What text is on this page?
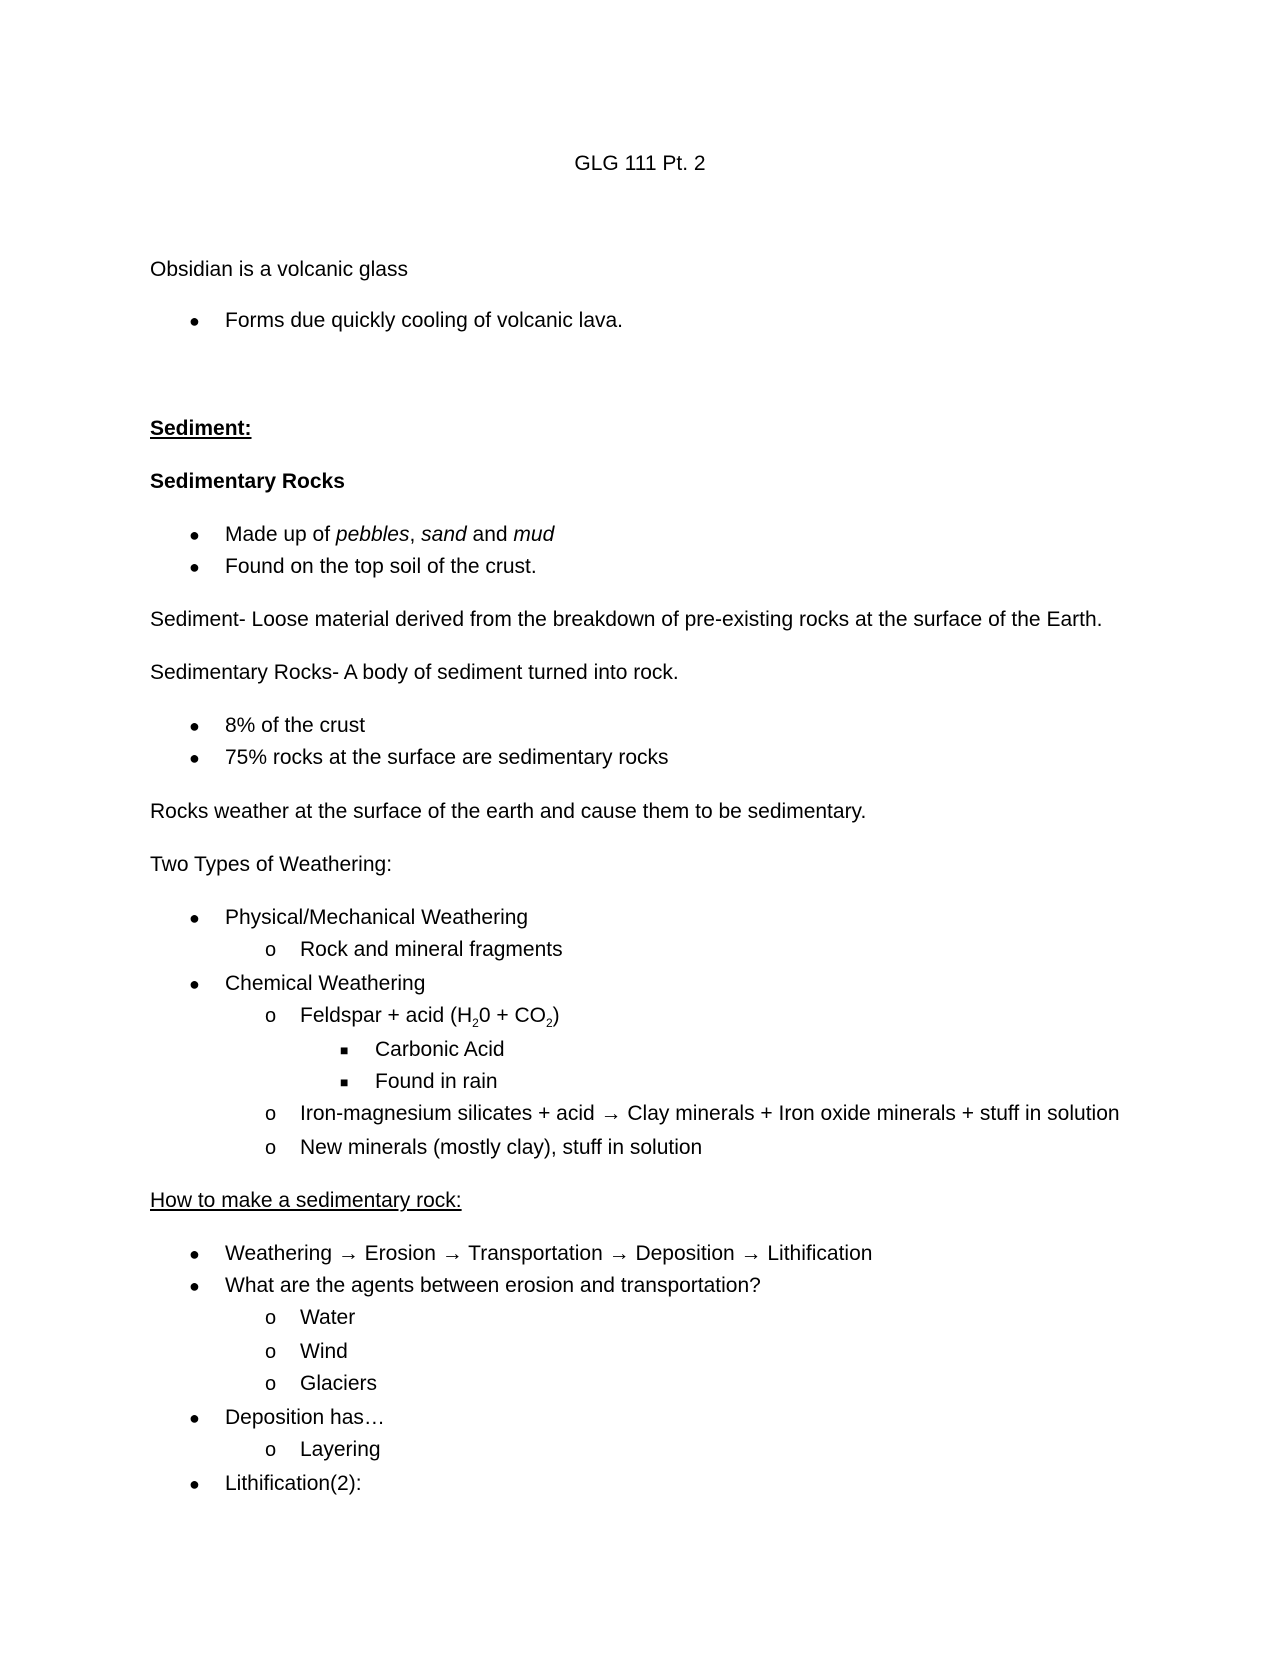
GLG 111 Pt. 2
Obsidian is a volcanic glass
● Forms due quickly cooling of volcanic lava.
Sediment:
Sedimentary Rocks
● Made up of pebbles, sand and mud
● Found on the top soil of the crust.
Sediment- Loose material derived from the breakdown of pre-existing rocks at the surface of the Earth.
Sedimentary Rocks- A body of sediment turned into rock.
● 8% of the crust
● 75% rocks at the surface are sedimentary rocks
Rocks weather at the surface of the earth and cause them to be sedimentary.
Two Types of Weathering:
● Physical/Mechanical Weathering
o Rock and mineral fragments
● Chemical Weathering
o Feldspar + acid $(H_20 + CO_2)$
■ Carbonic Acid
■ Found in rain
o Iron-magnesium silicates + acid → Clay minerals + Iron oxide minerals + stuff in solution
o New minerals (mostly clay), stuff in solution
How to make a sedimentary rock:
● Weathering → Erosion → Transportation → Deposition → Lithification
● What are the agents between erosion and transportation?
o Water
o Wind
o Glaciers
● Deposition has…
o Layering
● Lithification(2):
